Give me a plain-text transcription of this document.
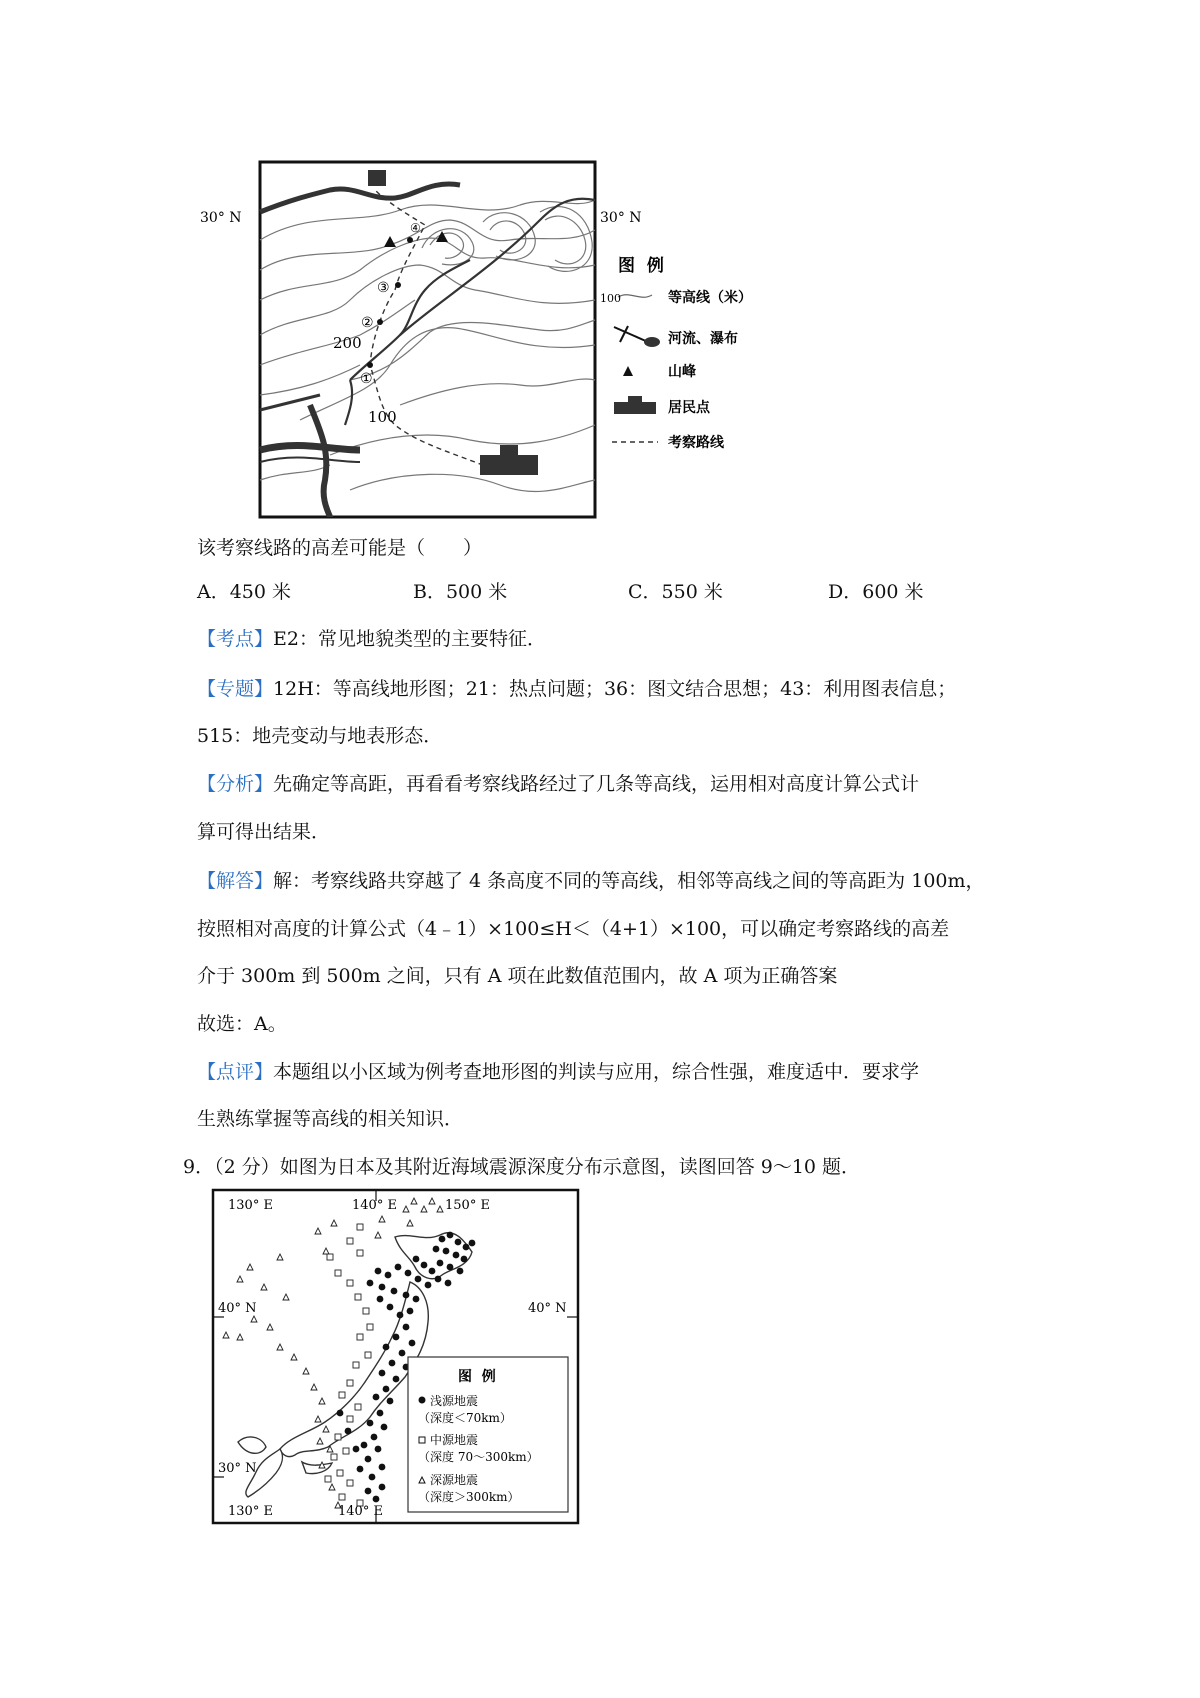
①
②
③
④
30° N	30° N
200
100
图  例
100	等高线（米）
河流、瀑布
山峰
居民点
考察路线
该考察线路的高差可能是（　　）
A．450 米	B．500 米	C．550 米	D．600 米
【考点】E2：常见地貌类型的主要特征．
【专题】12H：等高线地形图；21：热点问题；36：图文结合思想；43：利用图表信息；
515：地壳变动与地表形态．
【分析】先确定等高距，再看看考察线路经过了几条等高线，运用相对高度计算公式计
算可得出结果．
【解答】解：考察线路共穿越了 4 条高度不同的等高线，相邻等高线之间的等高距为 100m，
按照相对高度的计算公式（4﹣1）×100≤H＜（4+1）×100，可以确定考察路线的高差
介于 300m 到 500m 之间，只有 A 项在此数值范围内，故 A 项为正确答案
故选：A。
【点评】本题组以小区域为例考查地形图的判读与应用，综合性强，难度适中．要求学
生熟练掌握等高线的相关知识．
9．（2 分）如图为日本及其附近海域震源深度分布示意图，读图回答 9～10 题．
130° E	140° E	150° E
40° N	40° N
30° N
130° E	140° E
图  例
浅源地震
（深度＜70km）
中源地震
（深度 70～300km）
深源地震
（深度＞300km）
